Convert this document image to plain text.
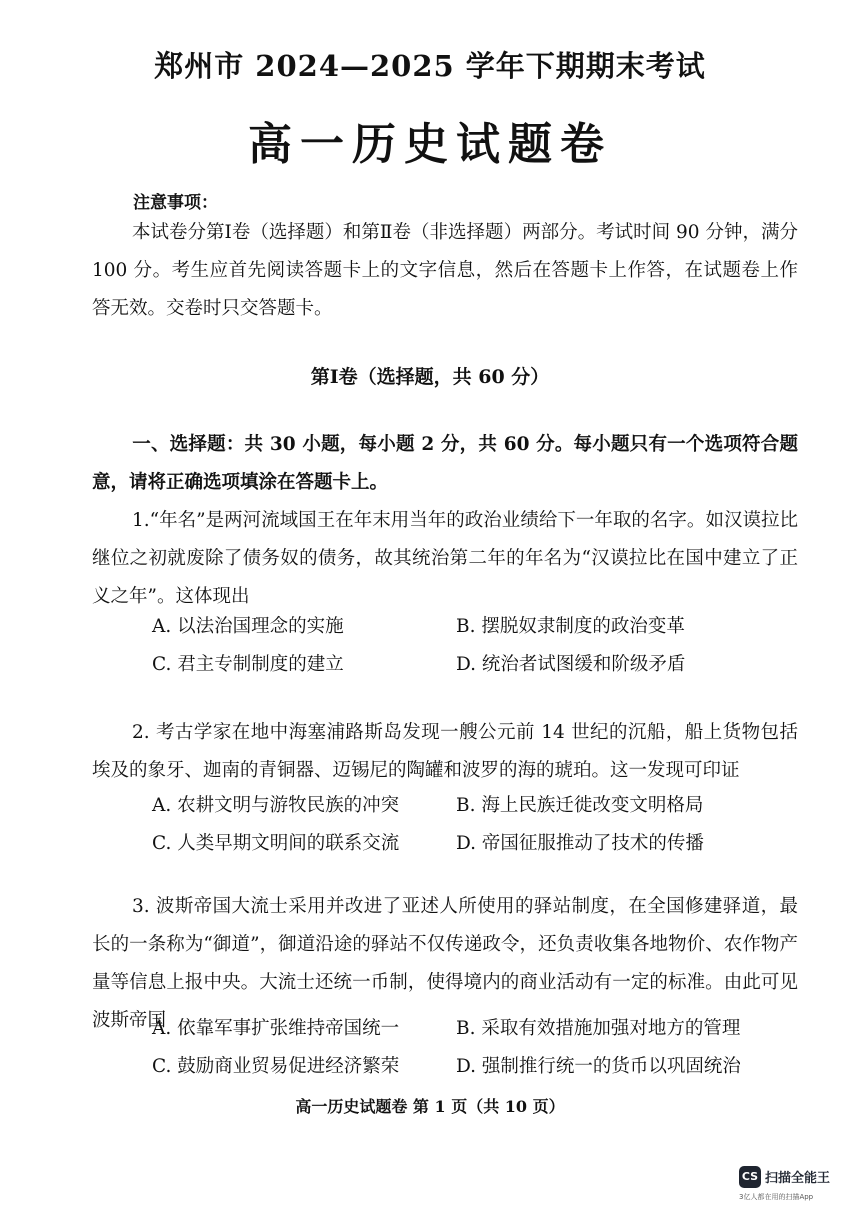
郑州市 2024—2025 学年下期期末考试
高一历史试题卷
注意事项：
本试卷分第Ⅰ卷（选择题）和第Ⅱ卷（非选择题）两部分。考试时间 90 分钟，满分 100 分。考生应首先阅读答题卡上的文字信息，然后在答题卡上作答，在试题卷上作答无效。交卷时只交答题卡。
第Ⅰ卷（选择题，共 60 分）
一、选择题：共 30 小题，每小题 2 分，共 60 分。每小题只有一个选项符合题意，请将正确选项填涂在答题卡上。
1.“年名”是两河流域国王在年末用当年的政治业绩给下一年取的名字。如汉谟拉比继位之初就废除了债务奴的债务，故其统治第二年的年名为“汉谟拉比在国中建立了正义之年”。这体现出
A. 以法治国理念的实施	B. 摆脱奴隶制度的政治变革
C. 君主专制制度的建立	D. 统治者试图缓和阶级矛盾
2. 考古学家在地中海塞浦路斯岛发现一艘公元前 14 世纪的沉船，船上货物包括埃及的象牙、迦南的青铜器、迈锡尼的陶罐和波罗的海的琥珀。这一发现可印证
A. 农耕文明与游牧民族的冲突	B. 海上民族迁徙改变文明格局
C. 人类早期文明间的联系交流	D. 帝国征服推动了技术的传播
3. 波斯帝国大流士采用并改进了亚述人所使用的驿站制度，在全国修建驿道，最长的一条称为“御道”，御道沿途的驿站不仅传递政令，还负责收集各地物价、农作物产量等信息上报中央。大流士还统一币制，使得境内的商业活动有一定的标准。由此可见波斯帝国
A. 依靠军事扩张维持帝国统一	B. 采取有效措施加强对地方的管理
C. 鼓励商业贸易促进经济繁荣	D. 强制推行统一的货币以巩固统治
高一历史试题卷 第 1 页（共 10 页）
CS 扫描全能王
3亿人都在用的扫描App
